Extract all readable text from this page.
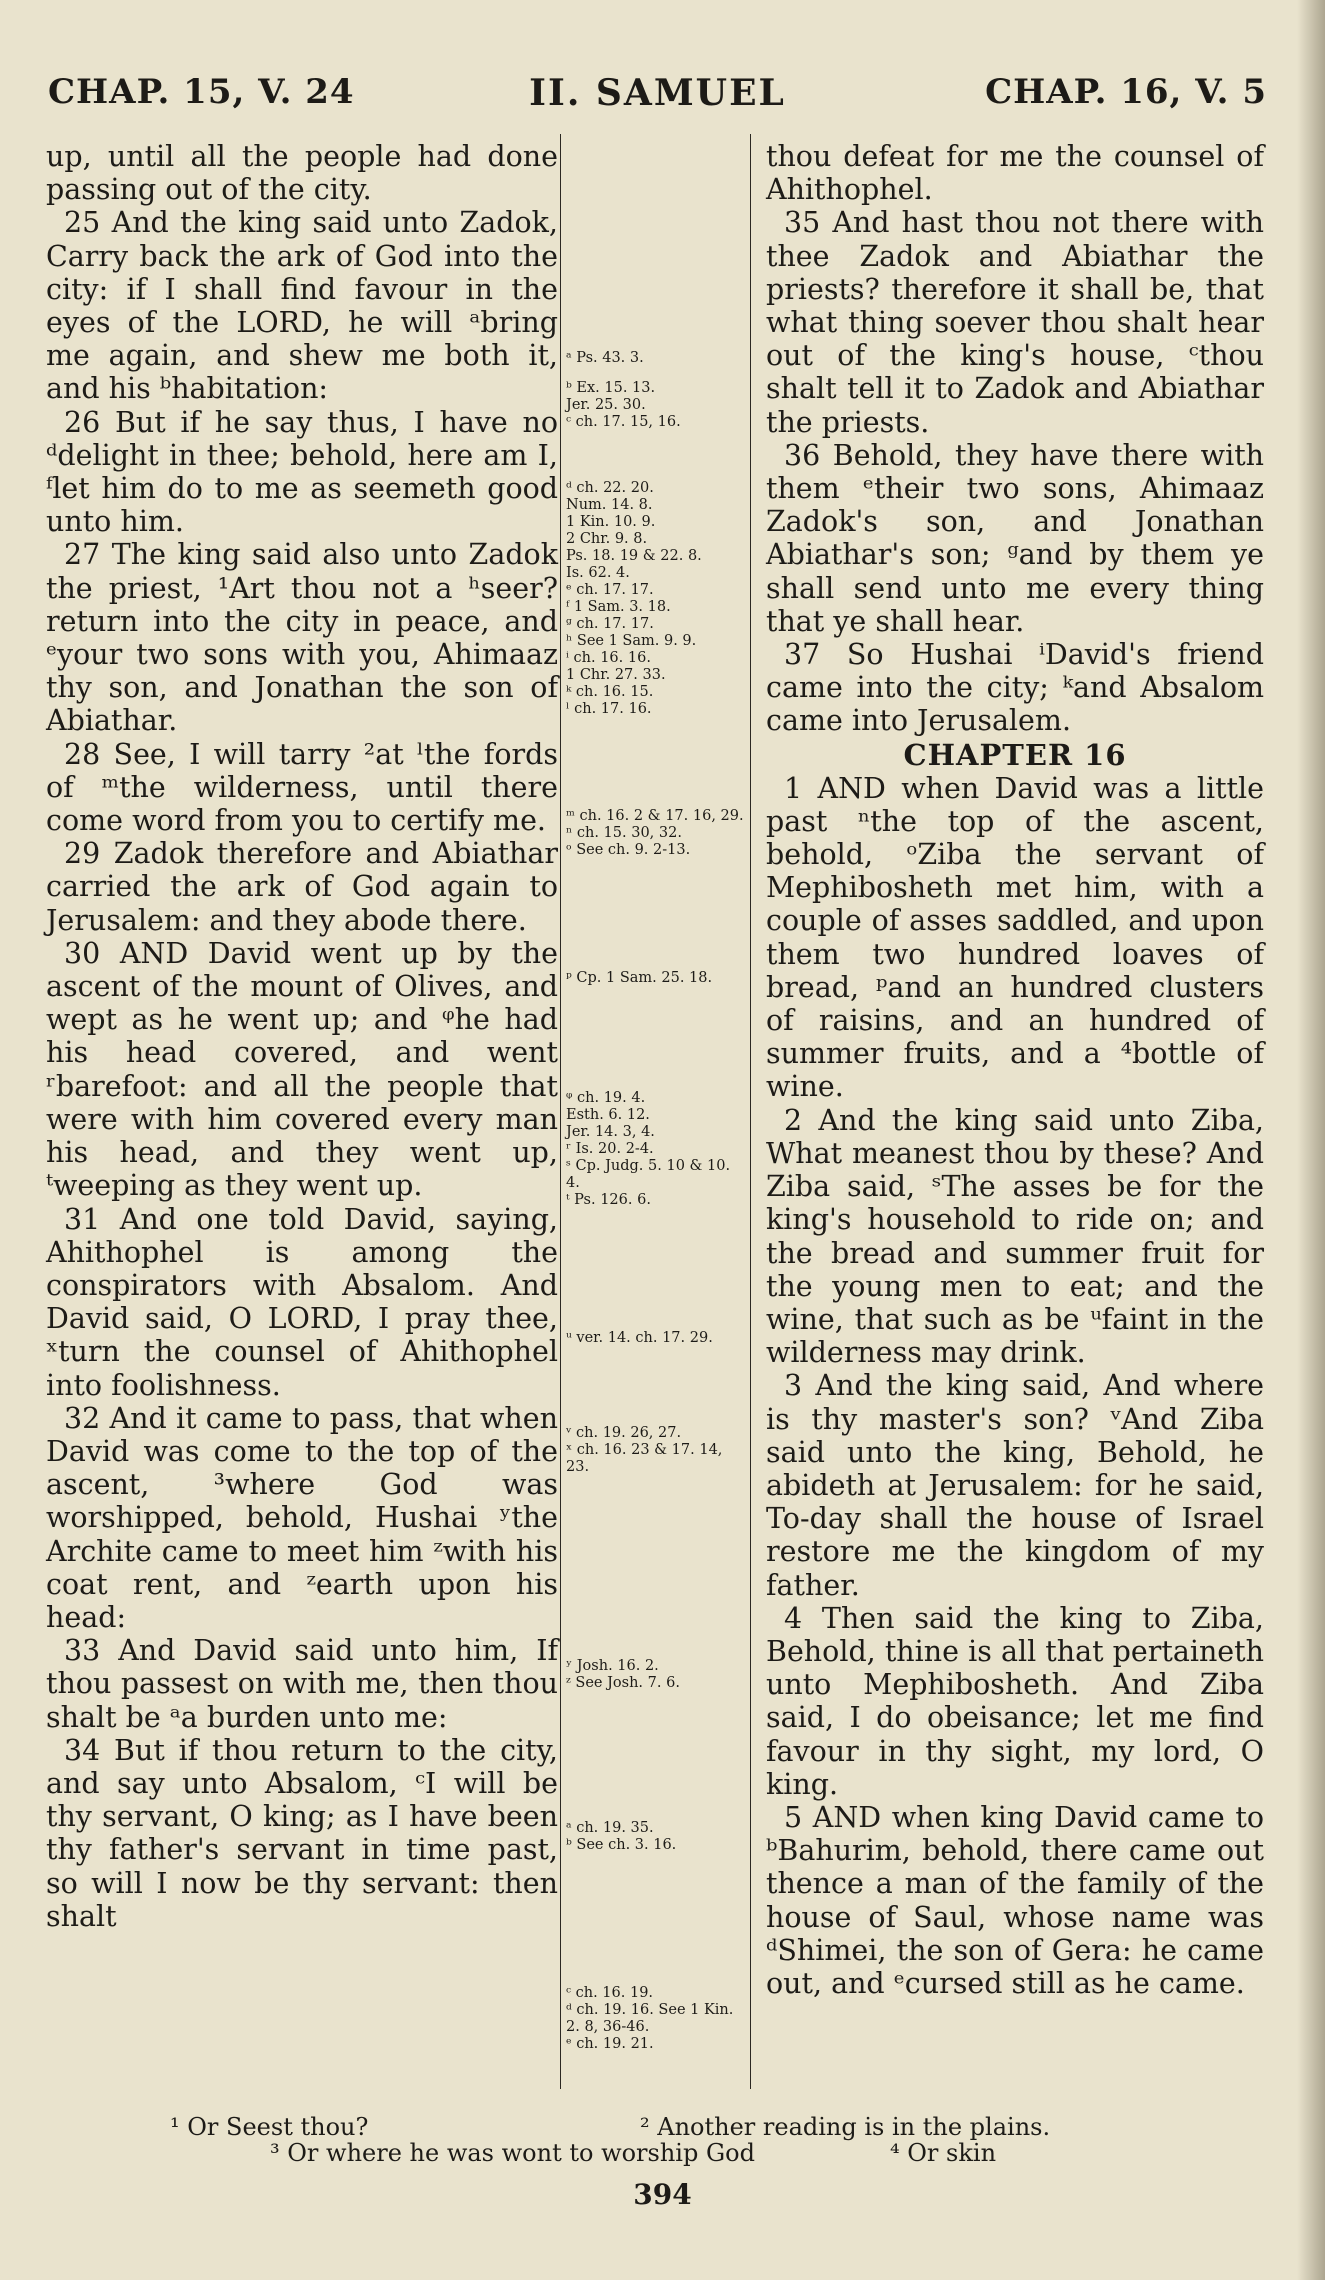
CHAP. 15, V. 24	II. SAMUEL	CHAP. 16, V. 5

up, until all the people had done passing out of the city.

25 And the king said unto Zadok, Carry back the ark of God into the city: if I shall find favour in the eyes of the LORD, he will ᵃbring me again, and shew me both it, and his ᵇhabitation:

26 But if he say thus, I have no ᵈdelight in thee; behold, here am I, ᶠlet him do to me as seemeth good unto him.

27 The king said also unto Zadok the priest, ¹Art thou not a ʰseer? return into the city in peace, and ᵉyour two sons with you, Ahimaaz thy son, and Jonathan the son of Abiathar.

28 See, I will tarry ²at ˡthe fords of ᵐthe wilderness, until there come word from you to certify me.

29 Zadok therefore and Abiathar carried the ark of God again to Jerusalem: and they abode there.

30 AND David went up by the ascent of the mount of Olives, and wept as he went up; and ᵠhe had his head covered, and went ʳbarefoot: and all the people that were with him covered every man his head, and they went up, ᵗweeping as they went up.

31 And one told David, saying, Ahithophel is among the conspirators with Absalom. And David said, O LORD, I pray thee, ˣturn the counsel of Ahithophel into foolishness.

32 And it came to pass, that when David was come to the top of the ascent, ³where God was worshipped, behold, Hushai ʸthe Archite came to meet him ᶻwith his coat rent, and ᶻearth upon his head:

33 And David said unto him, If thou passest on with me, then thou shalt be ᵃa burden unto me:

34 But if thou return to the city, and say unto Absalom, ᶜI will be thy servant, O king; as I have been thy father's servant in time past, so will I now be thy servant: then shalt

ᵃ Ps. 43. 3.
ᵇ Ex. 15. 13.
Jer. 25. 30.
ᶜ ch. 17. 15, 16.
ᵈ ch. 22. 20.
Num. 14. 8.
1 Kin. 10. 9.
2 Chr. 9. 8.
Ps. 18. 19 & 22. 8.
Is. 62. 4.
ᵉ ch. 17. 17.
ᶠ 1 Sam. 3. 18.
ᵍ ch. 17. 17.
ʰ See 1 Sam. 9. 9.
ⁱ ch. 16. 16.
1 Chr. 27. 33.
ᵏ ch. 16. 15.
ˡ ch. 17. 16.
ᵐ ch. 16. 2 & 17. 16, 29.
ⁿ ch. 15. 30, 32.
ᵒ See ch. 9. 2-13.
ᵖ Cp. 1 Sam. 25. 18.
ᵠ ch. 19. 4.
Esth. 6. 12.
Jer. 14. 3, 4.
ʳ Is. 20. 2-4.
ˢ Cp. Judg. 5. 10 & 10. 4.
ᵗ Ps. 126. 6.
ᵘ ver. 14. ch. 17. 29.
ᵛ ch. 19. 26, 27.
ˣ ch. 16. 23 & 17. 14, 23.
ʸ Josh. 16. 2.
ᶻ See Josh. 7. 6.
ᵃ ch. 19. 35.
ᵇ See ch. 3. 16.
ᶜ ch. 16. 19.
ᵈ ch. 19. 16. See 1 Kin. 2. 8, 36-46.
ᵉ ch. 19. 21.

thou defeat for me the counsel of Ahithophel.

35 And hast thou not there with thee Zadok and Abiathar the priests? therefore it shall be, that what thing soever thou shalt hear out of the king's house, ᶜthou shalt tell it to Zadok and Abiathar the priests.

36 Behold, they have there with them ᵉtheir two sons, Ahimaaz Zadok's son, and Jonathan Abiathar's son; ᵍand by them ye shall send unto me every thing that ye shall hear.

37 So Hushai ⁱDavid's friend came into the city; ᵏand Absalom came into Jerusalem.

CHAPTER 16

1 AND when David was a little past ⁿthe top of the ascent, behold, ᵒZiba the servant of Mephibosheth met him, with a couple of asses saddled, and upon them two hundred loaves of bread, ᵖand an hundred clusters of raisins, and an hundred of summer fruits, and a ⁴bottle of wine.

2 And the king said unto Ziba, What meanest thou by these? And Ziba said, ˢThe asses be for the king's household to ride on; and the bread and summer fruit for the young men to eat; and the wine, that such as be ᵘfaint in the wilderness may drink.

3 And the king said, And where is thy master's son? ᵛAnd Ziba said unto the king, Behold, he abideth at Jerusalem: for he said, To-day shall the house of Israel restore me the kingdom of my father.

4 Then said the king to Ziba, Behold, thine is all that pertaineth unto Mephibosheth. And Ziba said, I do obeisance; let me find favour in thy sight, my lord, O king.

5 AND when king David came to ᵇBahurim, behold, there came out thence a man of the family of the house of Saul, whose name was ᵈShimei, the son of Gera: he came out, and ᵉcursed still as he came.

¹ Or Seest thou?	² Another reading is in the plains.
³ Or where he was wont to worship God	⁴ Or skin
394
